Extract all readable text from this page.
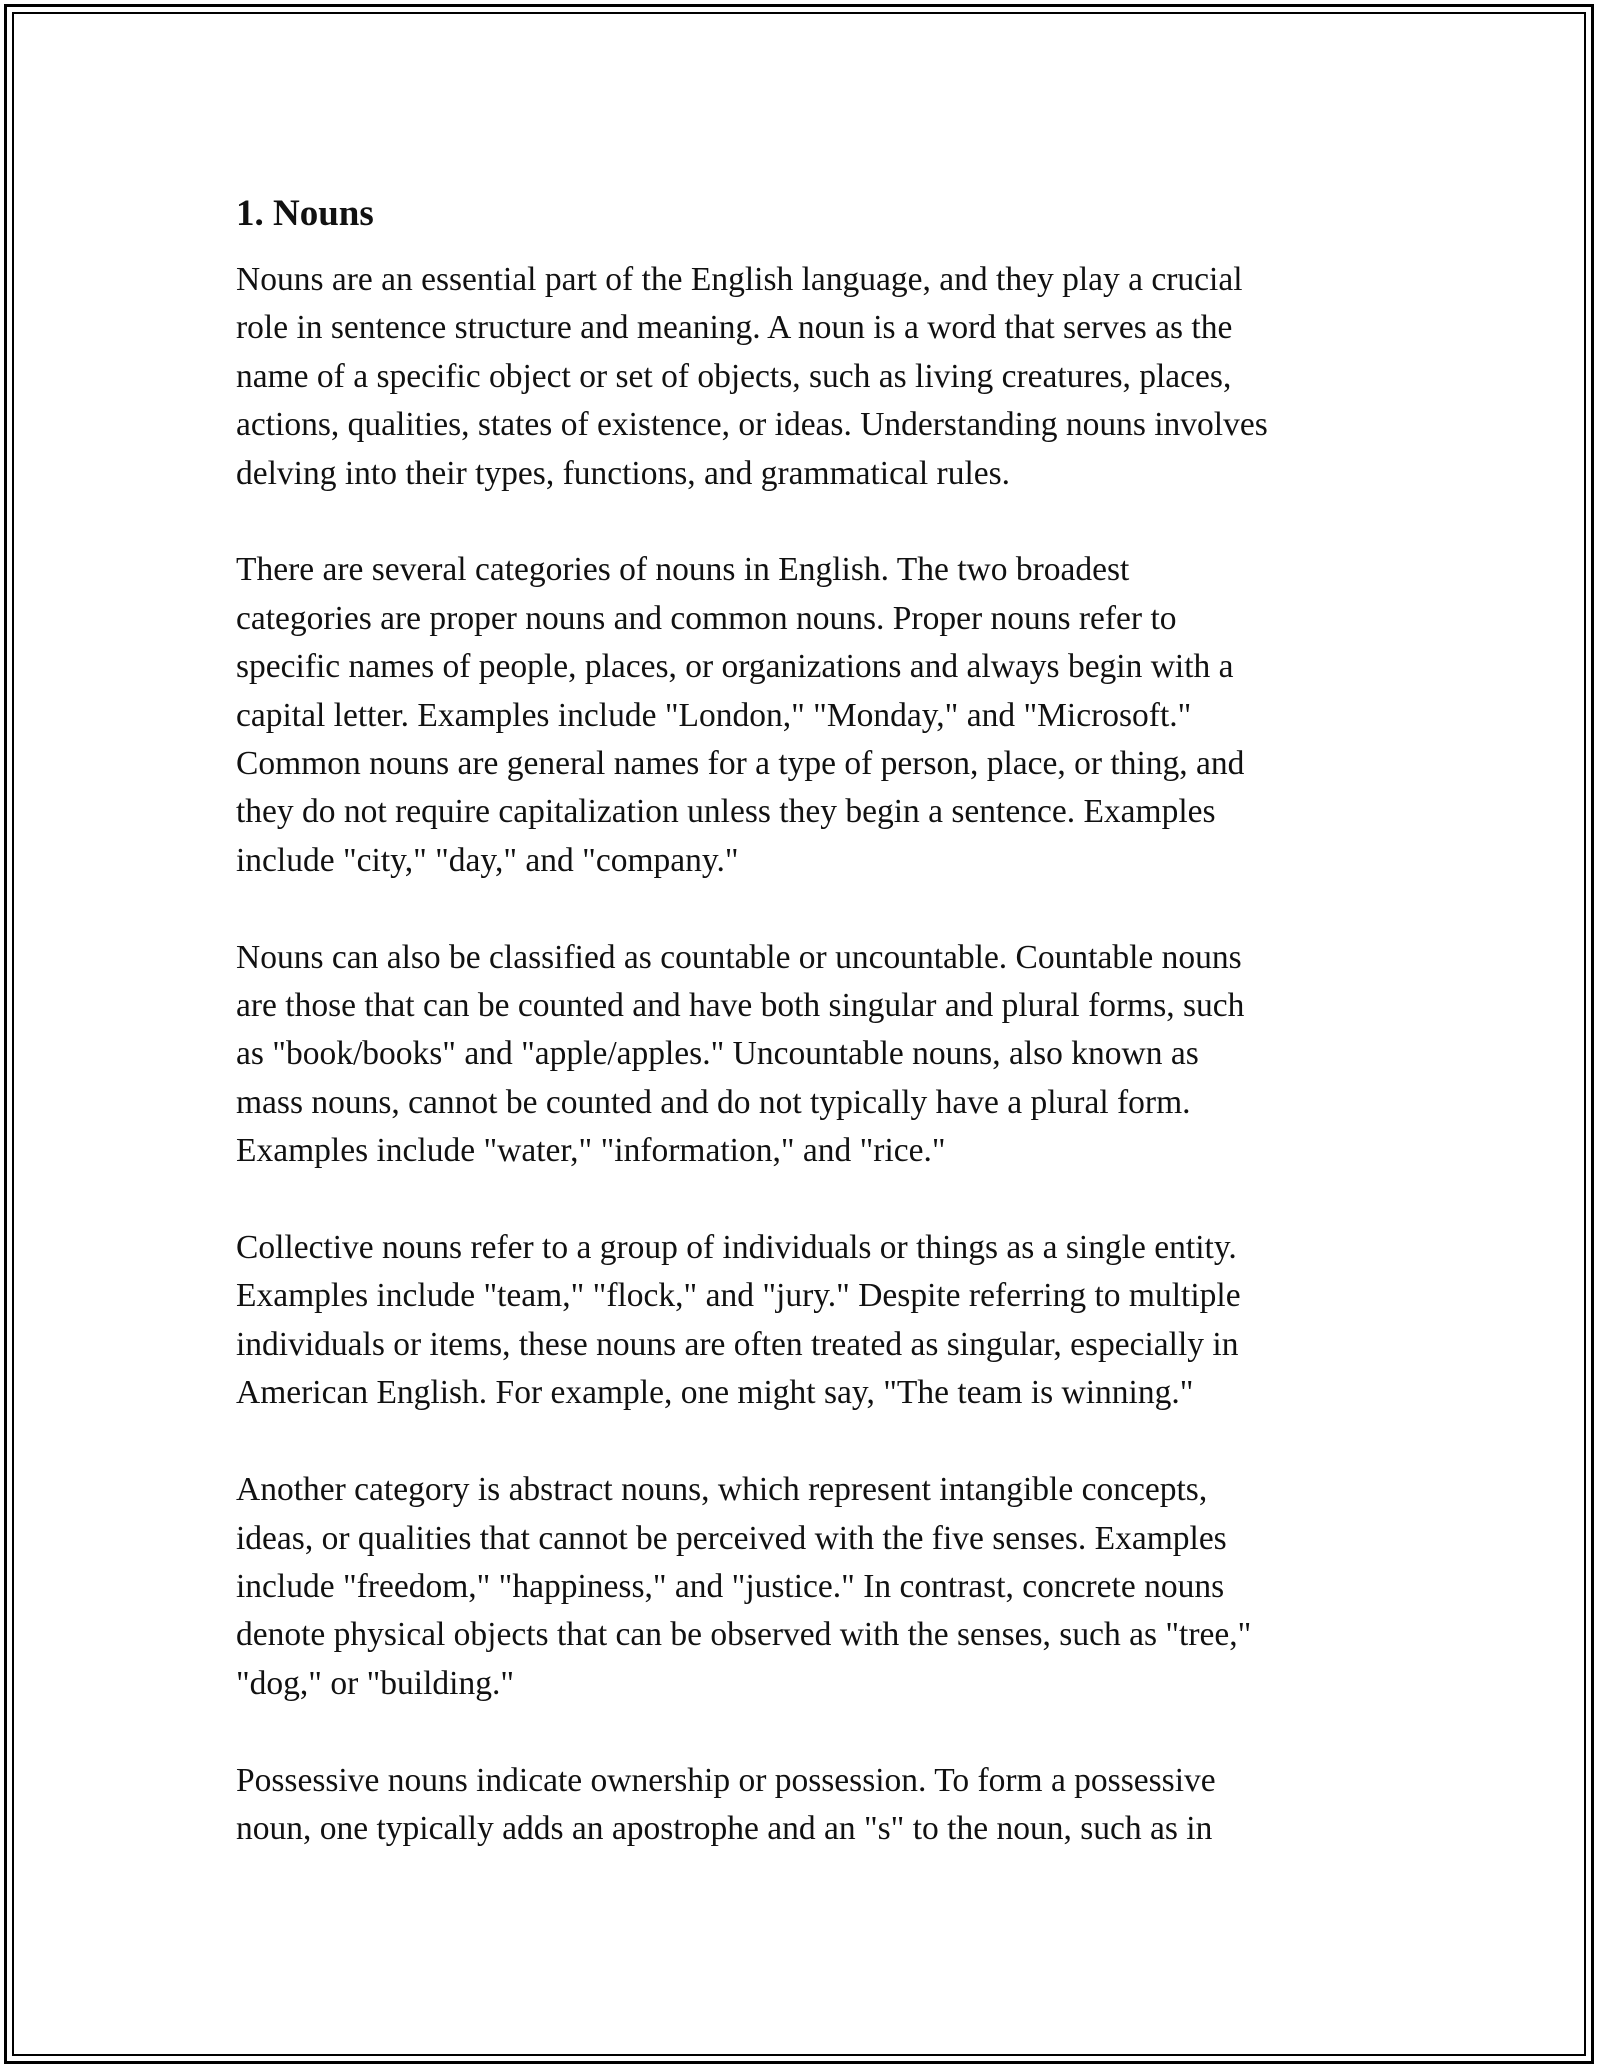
1. Nouns
Nouns are an essential part of the English language, and they play a crucial
role in sentence structure and meaning. A noun is a word that serves as the
name of a specific object or set of objects, such as living creatures, places,
actions, qualities, states of existence, or ideas. Understanding nouns involves
delving into their types, functions, and grammatical rules.
There are several categories of nouns in English. The two broadest
categories are proper nouns and common nouns. Proper nouns refer to
specific names of people, places, or organizations and always begin with a
capital letter. Examples include "London," "Monday," and "Microsoft."
Common nouns are general names for a type of person, place, or thing, and
they do not require capitalization unless they begin a sentence. Examples
include "city," "day," and "company."
Nouns can also be classified as countable or uncountable. Countable nouns
are those that can be counted and have both singular and plural forms, such
as "book/books" and "apple/apples." Uncountable nouns, also known as
mass nouns, cannot be counted and do not typically have a plural form.
Examples include "water," "information," and "rice."
Collective nouns refer to a group of individuals or things as a single entity.
Examples include "team," "flock," and "jury." Despite referring to multiple
individuals or items, these nouns are often treated as singular, especially in
American English. For example, one might say, "The team is winning."
Another category is abstract nouns, which represent intangible concepts,
ideas, or qualities that cannot be perceived with the five senses. Examples
include "freedom," "happiness," and "justice." In contrast, concrete nouns
denote physical objects that can be observed with the senses, such as "tree,"
"dog," or "building."
Possessive nouns indicate ownership or possession. To form a possessive
noun, one typically adds an apostrophe and an "s" to the noun, such as in
